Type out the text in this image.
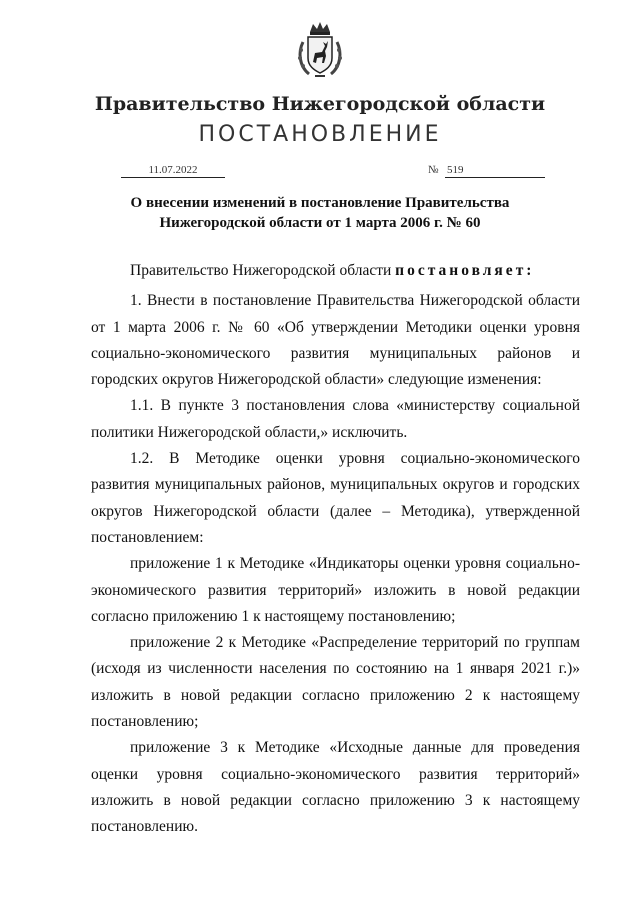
Правительство Нижегородской области
ПОСТАНОВЛЕНИЕ
11.07.2022	№ 519
О внесении изменений в постановление Правительства
Нижегородской области от 1 марта 2006 г. № 60

Правительство Нижегородской области постановляет:

1. Внести в постановление Правительства Нижегородской области от 1 марта 2006 г. № 60 «Об утверждении Методики оценки уровня социально-экономического развития муниципальных районов и городских округов Нижегородской области» следующие изменения:

1.1. В пункте 3 постановления слова «министерству социальной политики Нижегородской области,» исключить.

1.2. В Методике оценки уровня социально-экономического развития муниципальных районов, муниципальных округов и городских округов Нижегородской области (далее – Методика), утвержденной постановлением:

приложение 1 к Методике «Индикаторы оценки уровня социально-экономического развития территорий» изложить в новой редакции согласно приложению 1 к настоящему постановлению;

приложение 2 к Методике «Распределение территорий по группам (исходя из численности населения по состоянию на 1 января 2021 г.)» изложить в новой редакции согласно приложению 2 к настоящему постановлению;

приложение 3 к Методике «Исходные данные для проведения оценки уровня социально-экономического развития территорий» изложить в новой редакции согласно приложению 3 к настоящему постановлению.
